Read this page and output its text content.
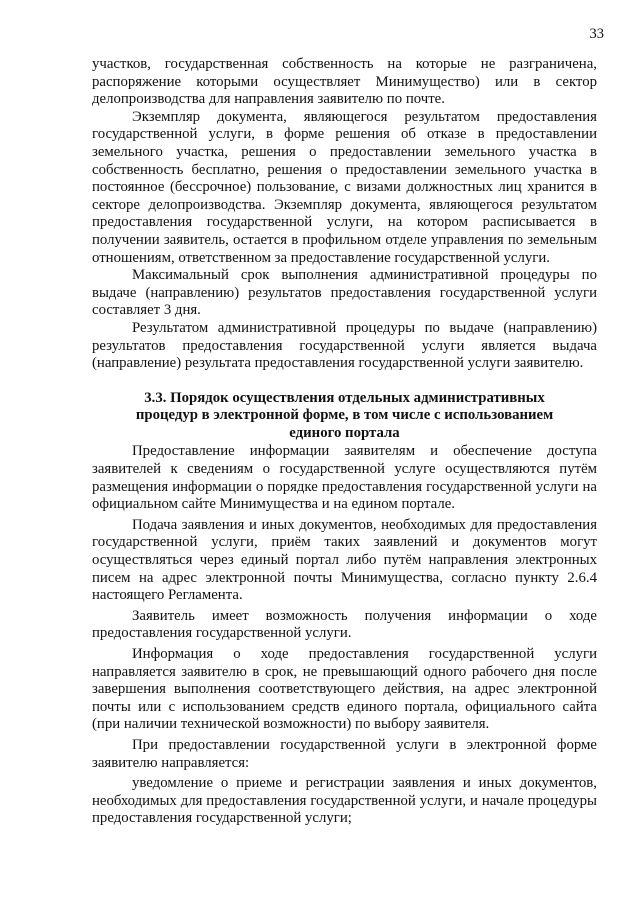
33

участков, государственная собственность на которые не разграничена, распоряжение которыми осуществляет Минимущество) или в сектор делопроизводства для направления заявителю по почте.

Экземпляр документа, являющегося результатом предоставления государственной услуги, в форме решения об отказе в предоставлении земельного участка, решения о предоставлении земельного участка в собственность бесплатно, решения о предоставлении земельного участка в постоянное (бессрочное) пользование, с визами должностных лиц хранится в секторе делопроизводства. Экземпляр документа, являющегося результатом предоставления государственной услуги, на котором расписывается в получении заявитель, остается в профильном отделе управления по земельным отношениям, ответственном за предоставление государственной услуги.

Максимальный срок выполнения административной процедуры по выдаче (направлению) результатов предоставления государственной услуги составляет 3 дня.

Результатом административной процедуры по выдаче (направлению) результатов предоставления государственной услуги является выдача (направление) результата предоставления государственной услуги заявителю.

3.3. Порядок осуществления отдельных административных
процедур в электронной форме, в том числе с использованием
единого портала

Предоставление информации заявителям и обеспечение доступа заявителей к сведениям о государственной услуге осуществляются путём размещения информации о порядке предоставления государственной услуги на официальном сайте Минимущества и на едином портале.

Подача заявления и иных документов, необходимых для предоставления государственной услуги, приём таких заявлений и документов могут осуществляться через единый портал либо путём направления электронных писем на адрес электронной почты Минимущества, согласно пункту 2.6.4 настоящего Регламента.

Заявитель имеет возможность получения информации о ходе предоставления государственной услуги.

Информация о ходе предоставления государственной услуги направляется заявителю в срок, не превышающий одного рабочего дня после завершения выполнения соответствующего действия, на адрес электронной почты или с использованием средств единого портала, официального сайта (при наличии технической возможности) по выбору заявителя.

При предоставлении государственной услуги в электронной форме заявителю направляется:

уведомление о приеме и регистрации заявления и иных документов, необходимых для предоставления государственной услуги, и начале процедуры предоставления государственной услуги;
